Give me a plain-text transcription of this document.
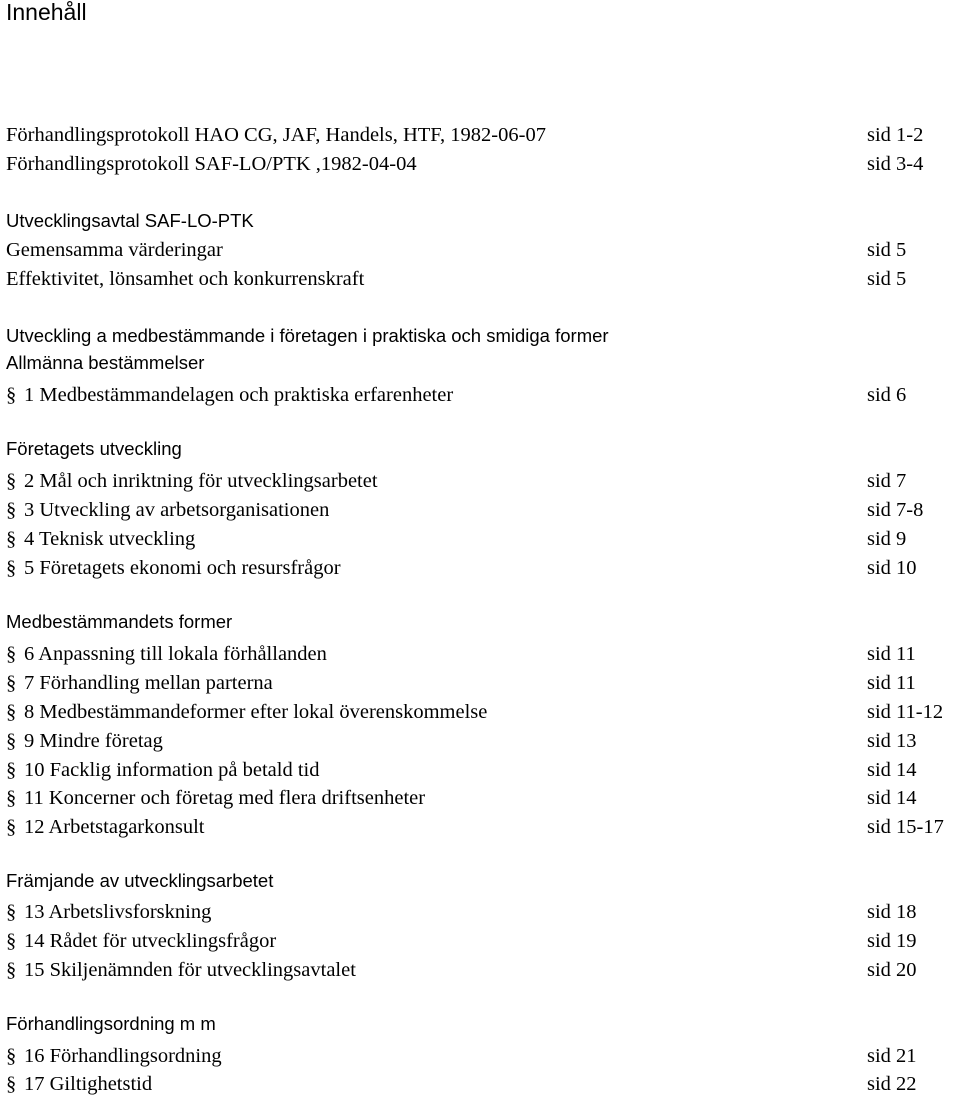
Innehåll
Förhandlingsprotokoll HAO CG, JAF, Handels, HTF, 1982-06-07	sid 1-2
Förhandlingsprotokoll SAF-LO/PTK ,1982-04-04	sid 3-4
Utvecklingsavtal SAF-LO-PTK
Gemensamma värderingar	sid 5
Effektivitet, lönsamhet och konkurrenskraft	sid 5
Utveckling a medbestämmande i företagen i praktiska och smidiga former
Allmänna bestämmelser
§ 1 Medbestämmandelagen och praktiska erfarenheter	sid 6
Företagets utveckling
§ 2 Mål och inriktning för utvecklingsarbetet	sid 7
§ 3 Utveckling av arbetsorganisationen	sid 7-8
§ 4 Teknisk utveckling	sid 9
§ 5 Företagets ekonomi och resursfrågor	sid 10
Medbestämmandets former
§ 6 Anpassning till lokala förhållanden	sid 11
§ 7 Förhandling mellan parterna	sid 11
§ 8 Medbestämmandeformer efter lokal överenskommelse	sid 11-12
§ 9 Mindre företag	sid 13
§ 10 Facklig information på betald tid	sid 14
§ 11 Koncerner och företag med flera driftsenheter	sid 14
§ 12 Arbetstagarkonsult	sid 15-17
Främjande av utvecklingsarbetet
§ 13 Arbetslivsforskning	sid 18
§ 14 Rådet för utvecklingsfrågor	sid 19
§ 15 Skiljenämnden för utvecklingsavtalet	sid 20
Förhandlingsordning m m
§ 16 Förhandlingsordning	sid 21
§ 17 Giltighetstid	sid 22
